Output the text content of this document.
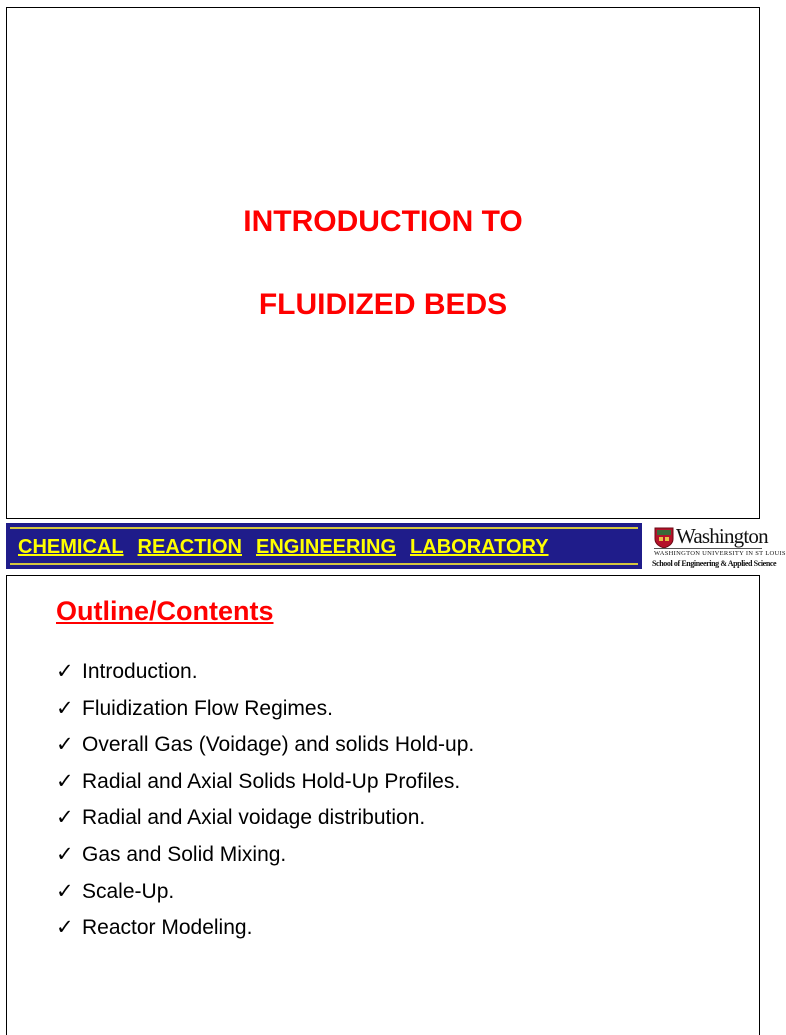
INTRODUCTION TO
FLUIDIZED BEDS
CHEMICAL REACTION ENGINEERING LABORATORY	Washington
WASHINGTON UNIVERSITY IN ST LOUIS
School of Engineering & Applied Science
Outline/Contents
✓ Introduction.
✓ Fluidization Flow Regimes.
✓ Overall Gas (Voidage) and solids Hold-up.
✓ Radial and Axial Solids Hold-Up Profiles.
✓ Radial and Axial voidage distribution.
✓ Gas and Solid Mixing.
✓ Scale-Up.
✓ Reactor Modeling.
